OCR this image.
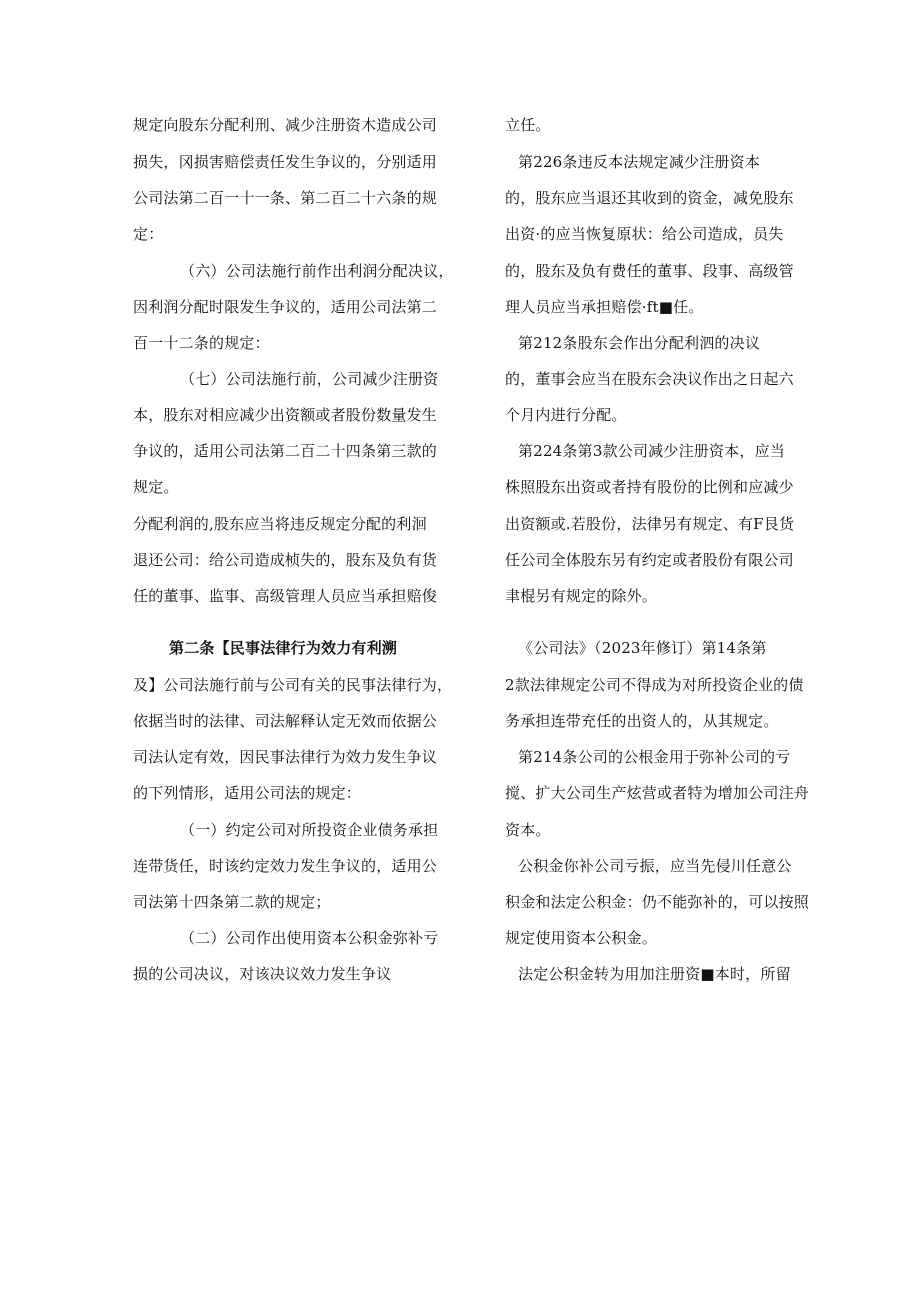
规定向股东分配利刑、减少注册资木造成公司
损失，冈损害赔偿责任发生争议的，分别适用
公司法第二百一十一条、第二百二十六条的规
定：
（六）公司法施行前作出利润分配决议，
因利润分配时限发生争议的，适用公司法第二
百一十二条的规定：
（七）公司法施行前，公司减少注册资
本，股东对相应减少出资额或者股份数量发生
争议的，适用公司法第二百二十四条第三款的
规定。
分配利润的,股东应当将违反规定分配的利洄
退还公司：给公司造成桢失的，股东及负有货
任的董事、监事、高级管理人员应当承担赔俊
第二条【民事法律行为效力有利溯
及】公司法施行前与公司有关的民事法律行为，
依据当时的法律、司法解释认定无效而依据公
司法认定有效，因民事法律行为效力发生争议
的下列情形，适用公司法的规定：
（一）约定公司对所投资企业债务承担
连带货任，时该约定效力发生争议的，适用公
司法第十四条第二款的规定；
（二）公司作出使用资本公积金弥补亏
损的公司决议，对该决议效力发生争议
立任。
第226条违反本法规定减少注册资本
的，股东应当退还其收到的资金，减免股东
出资·的应当恢复原状：给公司造成，员失
的，股东及负有费任的董事、段事、高级管
理人员应当承担赔偿·ft■任。
第212条股东会作出分配利泗的决议
的，董事会应当在股东会决议作出之日起六
个月内进行分配。
第224条第3款公司减少注册资本，应当
株照股东出资或者持有股份的比例和应减少
出资额或.若股份，法律另有规定、有F艮货
任公司全体股东另有约定或者股份有限公司
聿棍另有规定的除外。
《公司法》（2023年修订）第14条第
2款法律规定公司不得成为对所投资企业的债
务承担连带充任的出资人的，从其规定。
第214条公司的公根金用于弥补公司的亏
搅、扩大公司生产炫营或者特为增加公司注舟
资本。
公积金你补公司亏振，应当先侵川任意公
积金和法定公积金：仍不能弥补的，可以按照
规定使用资本公积金。
法定公积金转为用加注册资■本时，所留
